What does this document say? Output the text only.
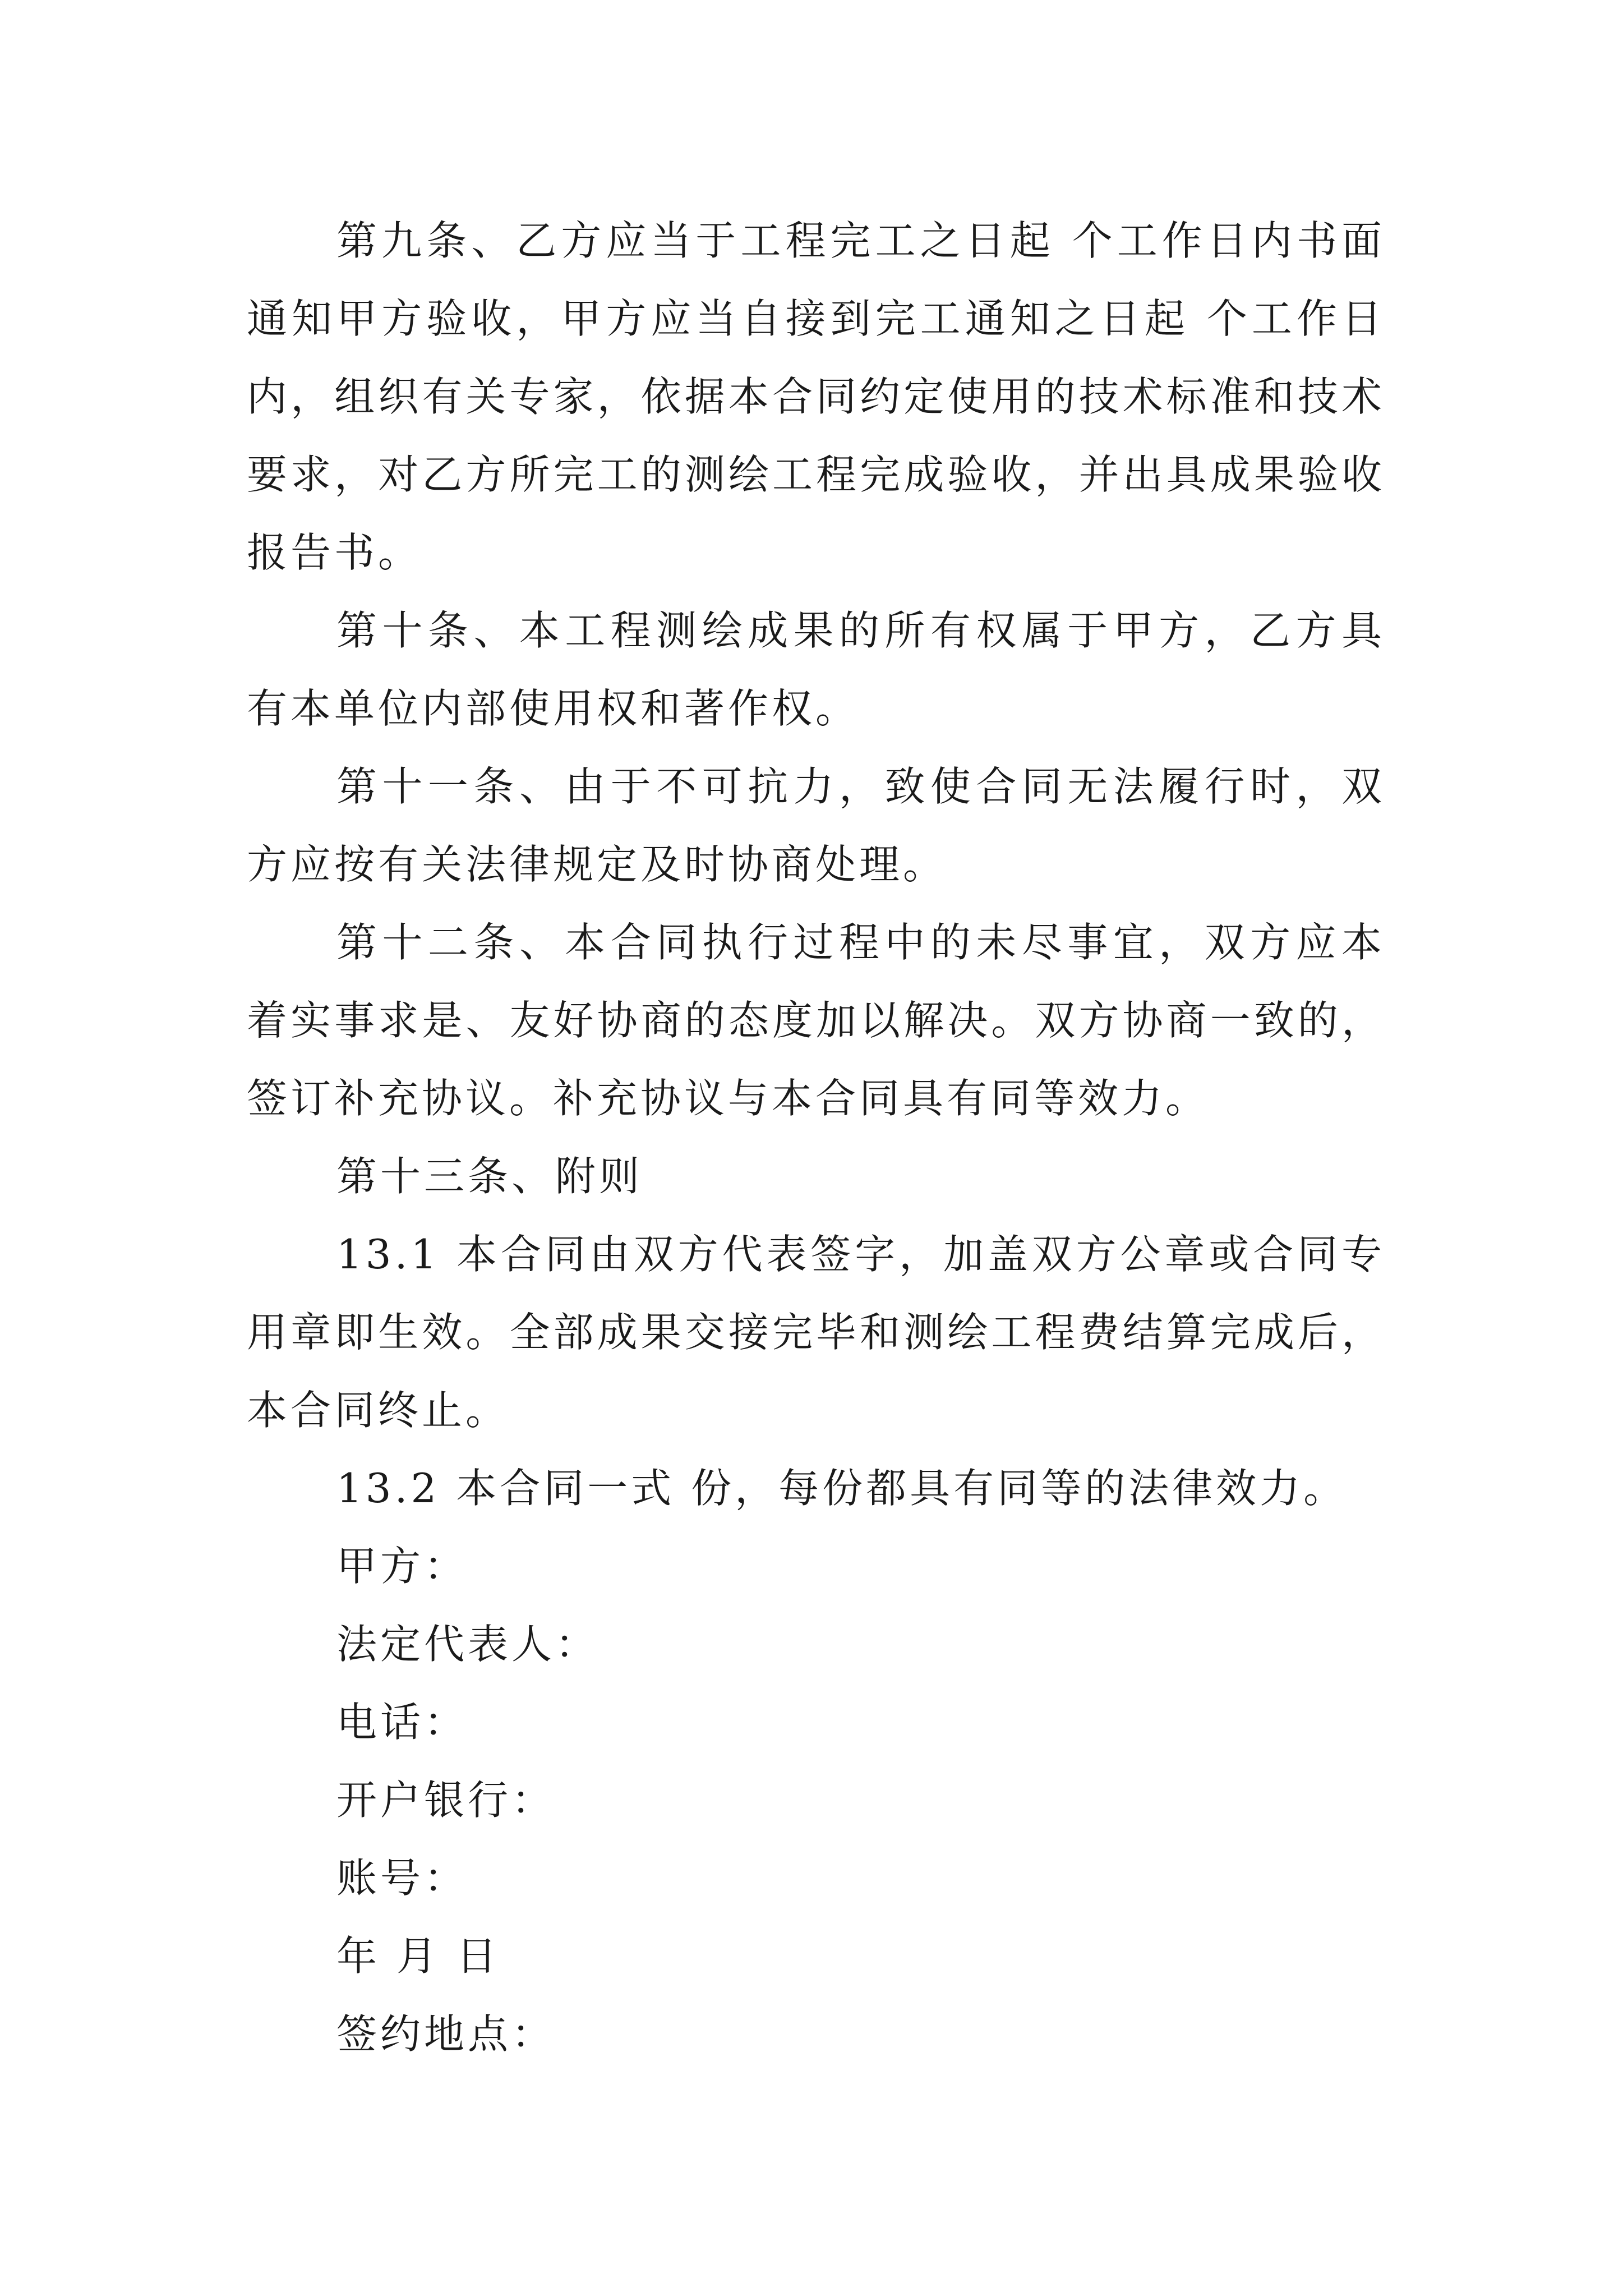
第九条、乙方应当于工程完工之日起 个工作日内书面通知甲方验收，甲方应当自接到完工通知之日起 个工作日内，组织有关专家，依据本合同约定使用的技术标准和技术要求，对乙方所完工的测绘工程完成验收，并出具成果验收报告书。

第十条、本工程测绘成果的所有权属于甲方，乙方具有本单位内部使用权和著作权。

第十一条、由于不可抗力，致使合同无法履行时，双方应按有关法律规定及时协商处理。

第十二条、本合同执行过程中的未尽事宜，双方应本着实事求是、友好协商的态度加以解决。双方协商一致的，签订补充协议。补充协议与本合同具有同等效力。

第十三条、附则

13.1 本合同由双方代表签字，加盖双方公章或合同专用章即生效。全部成果交接完毕和测绘工程费结算完成后，本合同终止。

13.2 本合同一式 份，每份都具有同等的法律效力。

甲方：

法定代表人：

电话：

开户银行：

账号：

年 月 日

签约地点：
